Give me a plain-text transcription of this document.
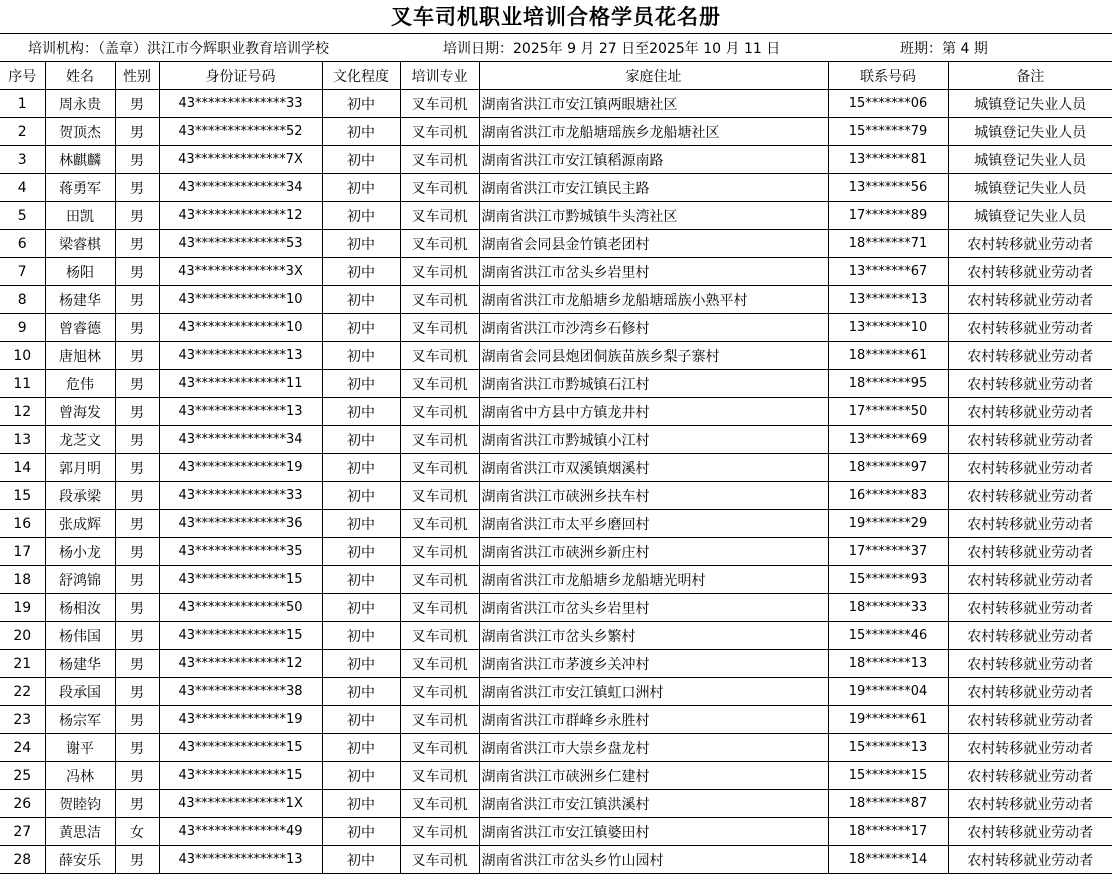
叉车司机职业培训合格学员花名册
培训机构：（盖章）洪江市今辉职业教育培训学校	培训日期：2025年 9 月 27 日至2025年 10 月 11 日	班期：第 4 期
序号	姓名	性别	身份证号码	文化程度	培训专业	家庭住址	联系号码	备注
1	周永贵	男	43**************33	初中	叉车司机	湖南省洪江市安江镇两眼塘社区	15*******06	城镇登记失业人员
2	贺顶杰	男	43**************52	初中	叉车司机	湖南省洪江市龙船塘瑶族乡龙船塘社区	15*******79	城镇登记失业人员
3	林麒麟	男	43**************7X	初中	叉车司机	湖南省洪江市安江镇稻源南路	13*******81	城镇登记失业人员
4	蒋勇军	男	43**************34	初中	叉车司机	湖南省洪江市安江镇民主路	13*******56	城镇登记失业人员
5	田凯	男	43**************12	初中	叉车司机	湖南省洪江市黔城镇牛头湾社区	17*******89	城镇登记失业人员
6	梁睿棋	男	43**************53	初中	叉车司机	湖南省会同县金竹镇老团村	18*******71	农村转移就业劳动者
7	杨阳	男	43**************3X	初中	叉车司机	湖南省洪江市岔头乡岩里村	13*******67	农村转移就业劳动者
8	杨建华	男	43**************10	初中	叉车司机	湖南省洪江市龙船塘乡龙船塘瑶族小熟平村	13*******13	农村转移就业劳动者
9	曾睿德	男	43**************10	初中	叉车司机	湖南省洪江市沙湾乡石修村	13*******10	农村转移就业劳动者
10	唐旭林	男	43**************13	初中	叉车司机	湖南省会同县炮团侗族苗族乡梨子寨村	18*******61	农村转移就业劳动者
11	危伟	男	43**************11	初中	叉车司机	湖南省洪江市黔城镇石江村	18*******95	农村转移就业劳动者
12	曾海发	男	43**************13	初中	叉车司机	湖南省中方县中方镇龙井村	17*******50	农村转移就业劳动者
13	龙芝文	男	43**************34	初中	叉车司机	湖南省洪江市黔城镇小江村	13*******69	农村转移就业劳动者
14	郭月明	男	43**************19	初中	叉车司机	湖南省洪江市双溪镇烟溪村	18*******97	农村转移就业劳动者
15	段承梁	男	43**************33	初中	叉车司机	湖南省洪江市硖洲乡扶车村	16*******83	农村转移就业劳动者
16	张成辉	男	43**************36	初中	叉车司机	湖南省洪江市太平乡磨回村	19*******29	农村转移就业劳动者
17	杨小龙	男	43**************35	初中	叉车司机	湖南省洪江市硖洲乡新庄村	17*******37	农村转移就业劳动者
18	舒鸿锦	男	43**************15	初中	叉车司机	湖南省洪江市龙船塘乡龙船塘光明村	15*******93	农村转移就业劳动者
19	杨相汝	男	43**************50	初中	叉车司机	湖南省洪江市岔头乡岩里村	18*******33	农村转移就业劳动者
20	杨伟国	男	43**************15	初中	叉车司机	湖南省洪江市岔头乡繁村	15*******46	农村转移就业劳动者
21	杨建华	男	43**************12	初中	叉车司机	湖南省洪江市茅渡乡关冲村	18*******13	农村转移就业劳动者
22	段承国	男	43**************38	初中	叉车司机	湖南省洪江市安江镇虹口洲村	19*******04	农村转移就业劳动者
23	杨宗军	男	43**************19	初中	叉车司机	湖南省洪江市群峰乡永胜村	19*******61	农村转移就业劳动者
24	谢平	男	43**************15	初中	叉车司机	湖南省洪江市大崇乡盘龙村	15*******13	农村转移就业劳动者
25	冯林	男	43**************15	初中	叉车司机	湖南省洪江市硖洲乡仁建村	15*******15	农村转移就业劳动者
26	贺睦钧	男	43**************1X	初中	叉车司机	湖南省洪江市安江镇洪溪村	18*******87	农村转移就业劳动者
27	黄思洁	女	43**************49	初中	叉车司机	湖南省洪江市安江镇婆田村	18*******17	农村转移就业劳动者
28	薛安乐	男	43**************13	初中	叉车司机	湖南省洪江市岔头乡竹山园村	18*******14	农村转移就业劳动者
